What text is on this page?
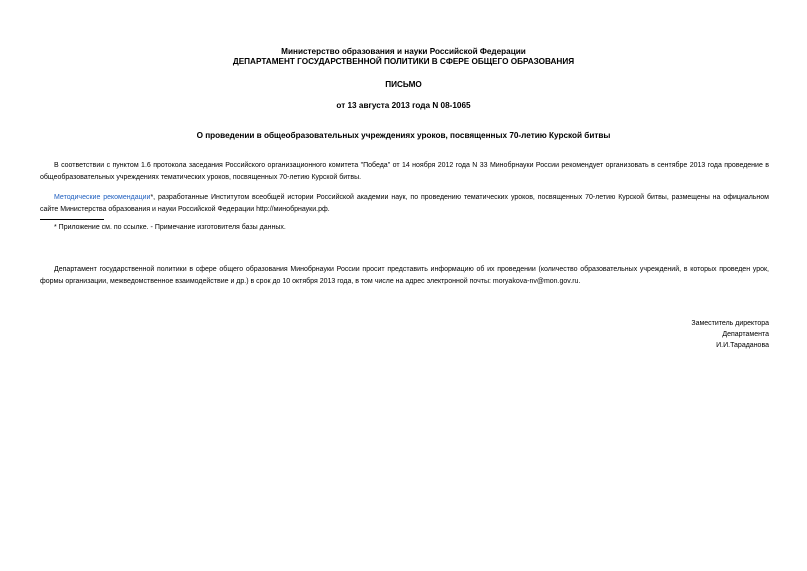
Министерство образования и науки Российской Федерации
ДЕПАРТАМЕНТ ГОСУДАРСТВЕННОЙ ПОЛИТИКИ В СФЕРЕ ОБЩЕГО ОБРАЗОВАНИЯ
ПИСЬМО
от 13 августа 2013 года N 08-1065
О проведении в общеобразовательных учреждениях уроков, посвященных 70-летию Курской битвы
В соответствии с пунктом 1.6 протокола заседания Российского организационного комитета "Победа" от 14 ноября 2012 года N 33 Минобрнауки России рекомендует организовать в сентябре 2013 года проведение в общеобразовательных учреждениях тематических уроков, посвященных 70-летию Курской битвы.
Методические рекомендации*, разработанные Институтом всеобщей истории Российской академии наук, по проведению тематических уроков, посвященных 70-летию Курской битвы, размещены на официальном сайте Министерства образования и науки Российской Федерации http://минобрнауки.рф.
* Приложение см. по ссылке. - Примечание изготовителя базы данных.
Департамент государственной политики в сфере общего образования Минобрнауки России просит представить информацию об их проведении (количество образовательных учреждений, в которых проведен урок, формы организации, межведомственное взаимодействие и др.) в срок до 10 октября 2013 года, в том числе на адрес электронной почты: moryakova-nv@mon.gov.ru.
Заместитель директора
Департамента
И.И.Тараданова
